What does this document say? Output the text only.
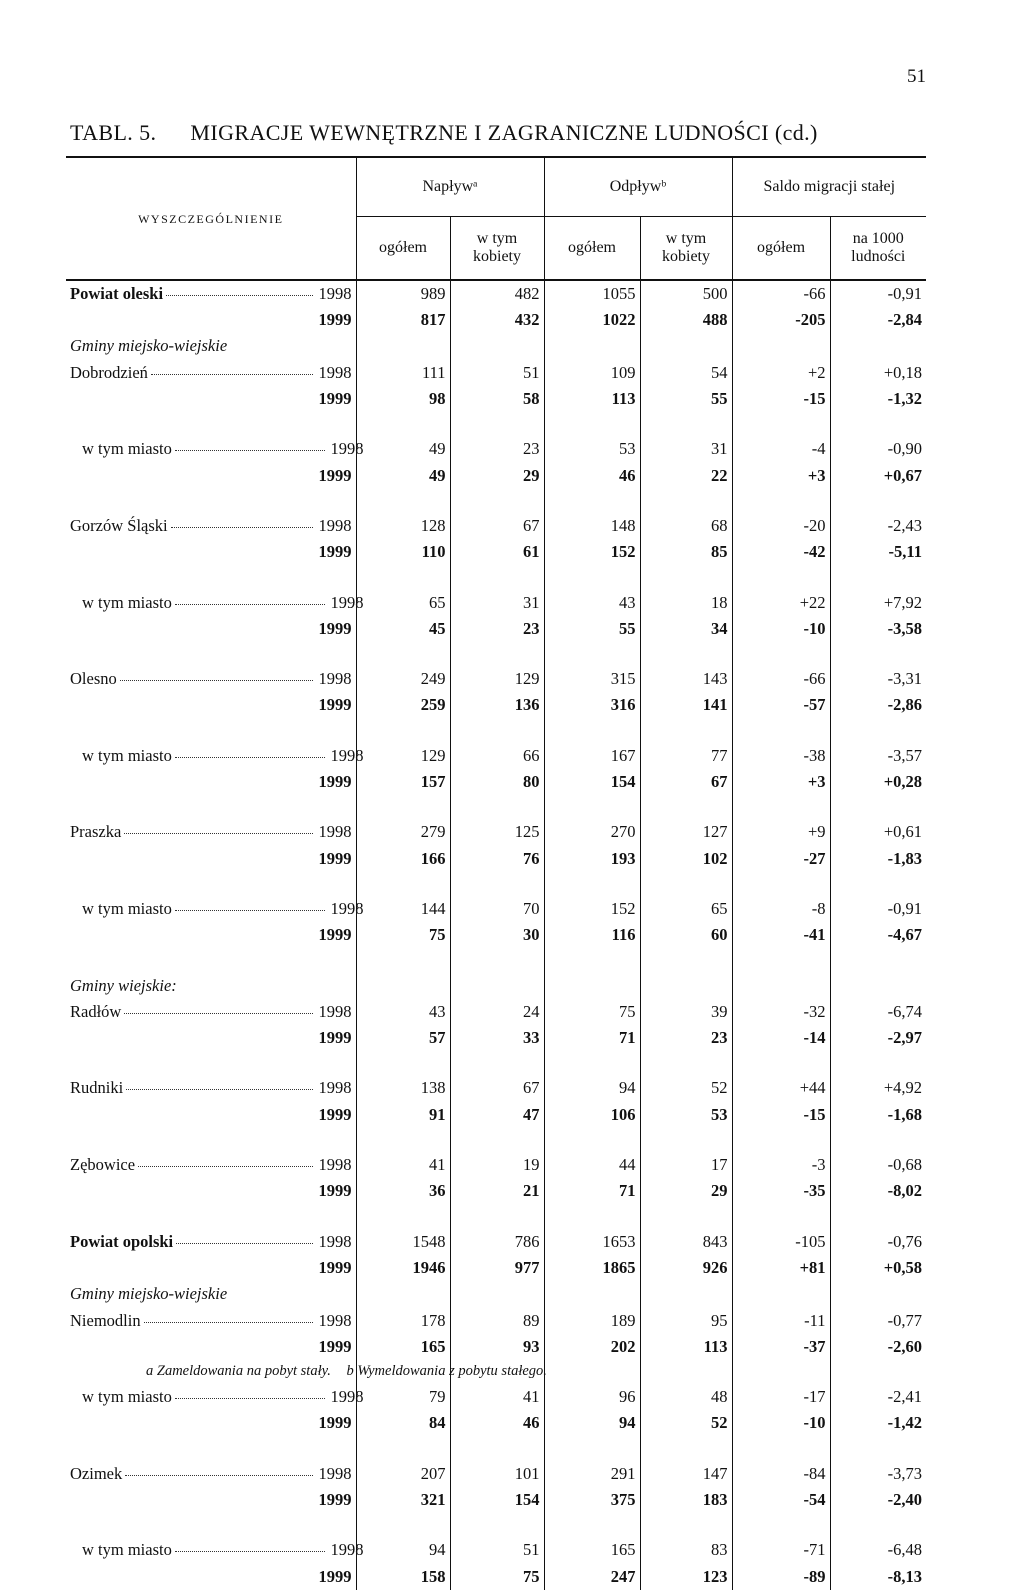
51
TABL. 5. MIGRACJE WEWNĘTRZNE I ZAGRANICZNE LUDNOŚCI (cd.)
WYSZCZEGÓLNIENIE	Napływᵃ		Odpływᵇ		Saldo migracji stałej	
	ogółem	w tym kobiety	ogółem	w tym kobiety	ogółem	na 1000 ludności

Powiat oleski 1998	989	482	1055	500	-66	-0,91

1999	817	432	1022	488	-205	-2,84
Gminy miejsko-wiejskie						

Dobrodzień 1998	111	51	109	54	+2	+0,18

1999	98	58	113	55	-15	-1,32

w tym miasto 1998	49	23	53	31	-4	-0,90

1999	49	29	46	22	+3	+0,67

Gorzów Śląski 1998	128	67	148	68	-20	-2,43

1999	110	61	152	85	-42	-5,11

w tym miasto 1998	65	31	43	18	+22	+7,92

1999	45	23	55	34	-10	-3,58

Olesno 1998	249	129	315	143	-66	-3,31

1999	259	136	316	141	-57	-2,86

w tym miasto 1998	129	66	167	77	-38	-3,57

1999	157	80	154	67	+3	+0,28

Praszka 1998	279	125	270	127	+9	+0,61

1999	166	76	193	102	-27	-1,83

w tym miasto 1998	144	70	152	65	-8	-0,91

1999	75	30	116	60	-41	-4,67

Gminy wiejskie:						

Radłów 1998	43	24	75	39	-32	-6,74

1999	57	33	71	23	-14	-2,97

Rudniki 1998	138	67	94	52	+44	+4,92

1999	91	47	106	53	-15	-1,68

Zębowice 1998	41	19	44	17	-3	-0,68

1999	36	21	71	29	-35	-8,02

Powiat opolski 1998	1548	786	1653	843	-105	-0,76

1999	1946	977	1865	926	+81	+0,58
Gminy miejsko-wiejskie						

Niemodlin 1998	178	89	189	95	-11	-0,77

1999	165	93	202	113	-37	-2,60

w tym miasto 1998	79	41	96	48	-17	-2,41

1999	84	46	94	52	-10	-1,42

Ozimek 1998	207	101	291	147	-84	-3,73

1999	321	154	375	183	-54	-2,40

w tym miasto 1998	94	51	165	83	-71	-6,48

1999	158	75	247	123	-89	-8,13
a Zameldowania na pobyt stały. b Wymeldowania z pobytu stałego.
